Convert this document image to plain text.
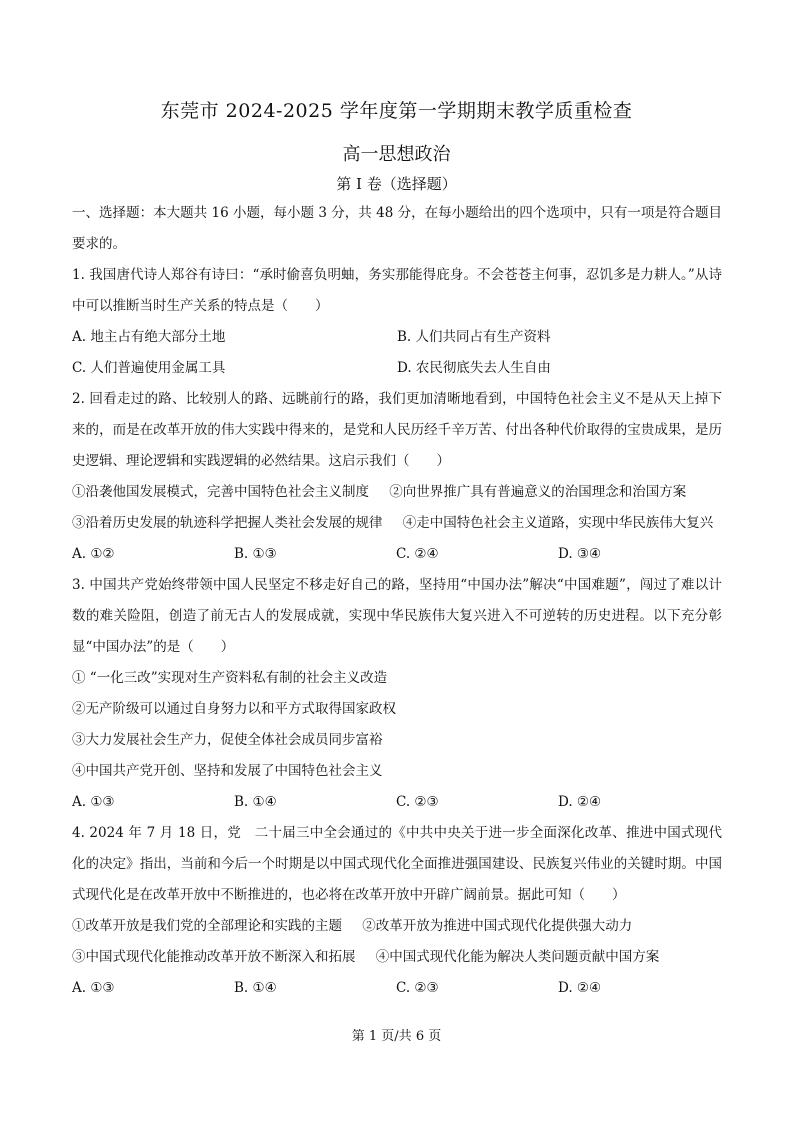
东莞市 2024-2025 学年度第一学期期末教学质重检查
高一思想政治
第 I 卷（选择题）

一、选择题：本大题共 16 小题，每小题 3 分，共 48 分，在每小题给出的四个选项中，只有一项是符合题目要求的。

1. 我国唐代诗人郑谷有诗曰：“承时偷喜负明蚰，务实那能得庇身。不会苍苍主何事，忍饥多是力耕人。”从诗中可以推断当时生产关系的特点是（　　）

A. 地主占有绝大部分土地	B. 人们共同占有生产资料
C. 人们普遍使用金属工具	D. 农民彻底失去人生自由

2. 回看走过的路、比较别人的路、远眺前行的路，我们更加清晰地看到，中国特色社会主义不是从天上掉下来的，而是在改革开放的伟大实践中得来的，是党和人民历经千辛万苦、付出各种代价取得的宝贵成果，是历史逻辑、理论逻辑和实践逻辑的必然结果。这启示我们（　　）

①沿袭他国发展模式，完善中国特色社会主义制度   ②向世界推广具有普遍意义的治国理念和治国方案

③沿着历史发展的轨迹科学把握人类社会发展的规律   ④走中国特色社会主义道路，实现中华民族伟大复兴

A. ①②	B. ①③	C. ②④	D. ③④

3. 中国共产党始终带领中国人民坚定不移走好自己的路，坚持用“中国办法”解决“中国难题”，闯过了难以计数的难关险阻，创造了前无古人的发展成就，实现中华民族伟大复兴进入不可逆转的历史进程。以下充分彰显“中国办法”的是（　　）

① “一化三改”实现对生产资料私有制的社会主义改造
②无产阶级可以通过自身努力以和平方式取得国家政权
③大力发展社会生产力，促使全体社会成员同步富裕
④中国共产党开创、坚持和发展了中国特色社会主义
A. ①③	B. ①④	C. ②③	D. ②④

4. 2024 年 7 月 18 日，党　二十届三中全会通过的《中共中央关于进一步全面深化改革、推进中国式现代化的决定》指出，当前和今后一个时期是以中国式现代化全面推进强国建设、民族复兴伟业的关键时期。中国式现代化是在改革开放中不断推进的，也必将在改革开放中开辟广阔前景。据此可知（　　）

①改革开放是我们党的全部理论和实践的主题   ②改革开放为推进中国式现代化提供强大动力
③中国式现代化能推动改革开放不断深入和拓展   ④中国式现代化能为解决人类问题贡献中国方案
A. ①③	B. ①④	C. ②③	D. ②④
第 1 页/共 6 页
